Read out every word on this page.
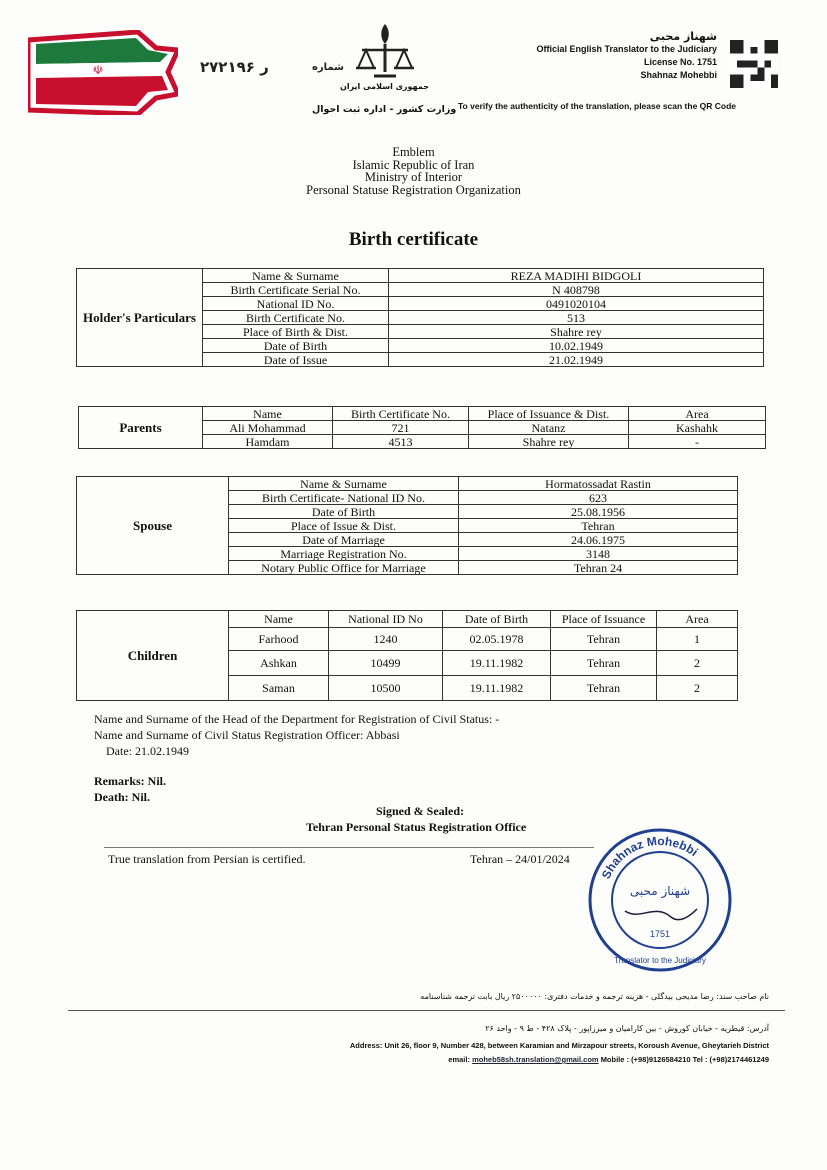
☫	۲۷۲۱۹۶ ر	شماره
جمهوری اسلامی ایران
وزارت کشور - اداره ثبت احوال
شهناز محبی
Official English Translator to the Judiciary
License No. 1751
Shahnaz Mohebbi
To verify the authenticity of the translation, please scan the QR Code
Emblem
Islamic Republic of Iran
Ministry of Interior
Personal Statuse Registration Organization
Birth certificate
Holder's Particulars	Name & Surname	REZA MADIHI BIDGOLI
	Birth Certificate Serial No.	N 408798
	National ID No.	0491020104
	Birth Certificate No.	513
	Place of Birth & Dist.	Shahre rey
	Date of Birth	10.02.1949
	Date of Issue	21.02.1949
Parents	Name	Birth Certificate No.	Place of Issuance & Dist.	Area
	Ali Mohammad	721	Natanz	Kashahk
	Hamdam	4513	Shahre rey	-
Spouse	Name & Surname	Hormatossadat Rastin
	Birth Certificate- National ID No.	623
	Date of Birth	25.08.1956
	Place of Issue & Dist.	Tehran
	Date of Marriage	24.06.1975
	Marriage Registration No.	3148
	Notary Public Office for Marriage	Tehran 24
Children	Name	National ID No	Date of Birth	Place of Issuance	Area
	Farhood	1240	02.05.1978	Tehran	1
	Ashkan	10499	19.11.1982	Tehran	2
	Saman	10500	19.11.1982	Tehran	2
Name and Surname of the Head of the Department for Registration of Civil Status: -
Name and Surname of Civil Status Registration Officer: Abbasi
Date: 21.02.1949
Remarks: Nil.
Death: Nil.
Signed & Sealed:
Tehran Personal Status Registration Office
True translation from Persian is certified.	Tehran – 24/01/2024
Shahnaz Mohebbi
Translator to the Judiciary
شهناز محبی
1751
نام صاحب سند: رضا مدیحی بیدگلی - هزینه ترجمه و خدمات دفتری: ۲۵۰۰۰۰۰ ریال بابت ترجمه شناسنامه
آدرس: قیطریه - خیابان کوروش - بین کارامیان و میرزاپور - پلاک ۴۲۸ - ط ۹ - واحد ۲۶
Address: Unit 26, floor 9, Number 428, between Karamian and Mirzapour streets, Koroush Avenue, Gheytarieh District
email: moheb58sh.translation@gmail.com Mobile : (+98)9126584210 Tel : (+98)2174461249
